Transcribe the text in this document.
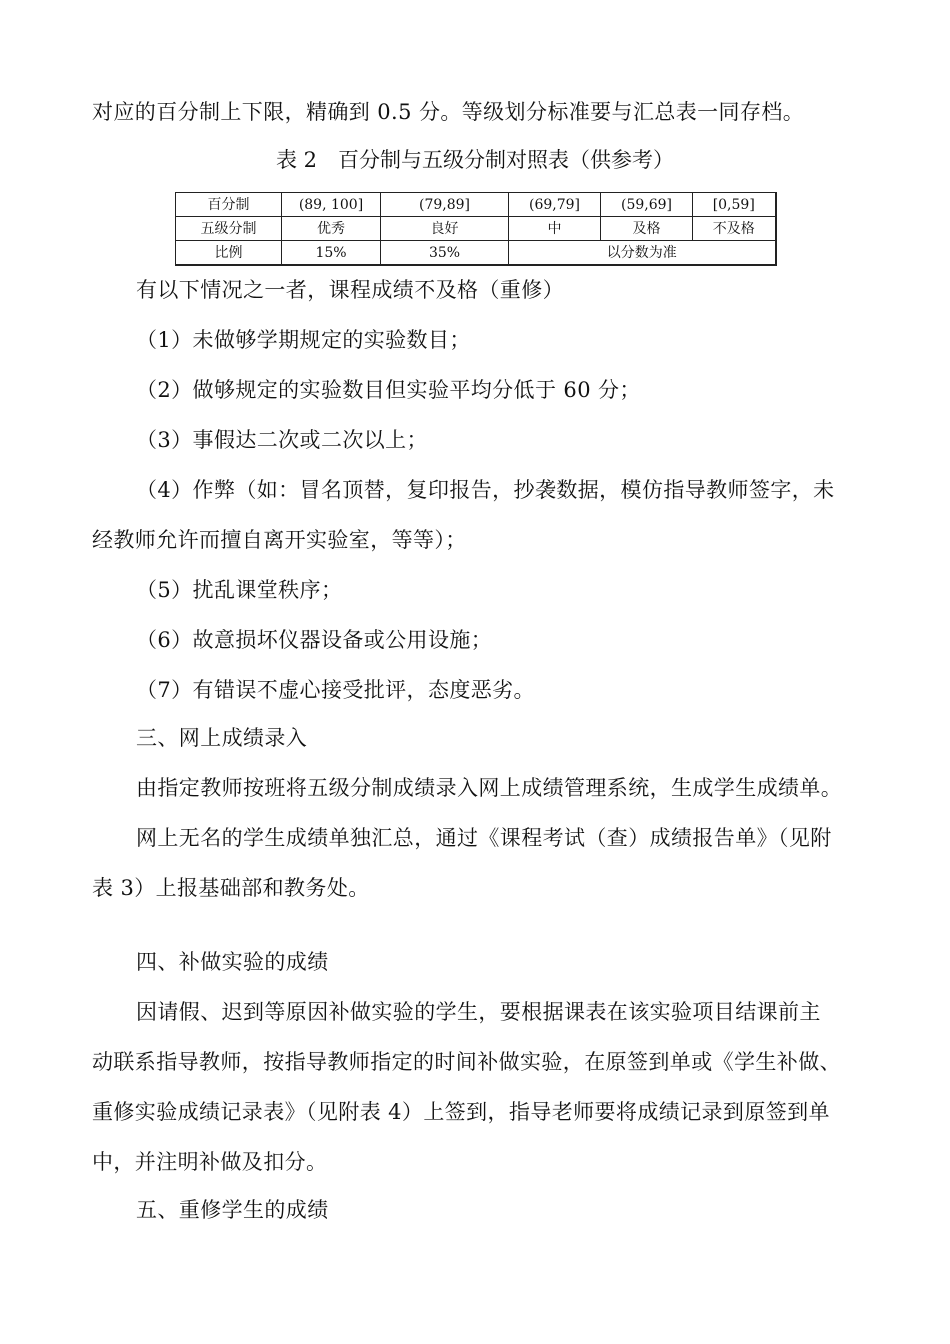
对应的百分制上下限，精确到 0.5 分。等级划分标准要与汇总表一同存档。
表 2　百分制与五级分制对照表（供参考）
百分制	(89, 100]	(79,89]	(69,79]	(59,69]	[0,59]
五级分制	优秀	良好	中	及格	不及格
比例	15%	35%	以分数为准		
有以下情况之一者，课程成绩不及格（重修）
（1）未做够学期规定的实验数目；
（2）做够规定的实验数目但实验平均分低于 60 分；
（3）事假达二次或二次以上；
（4）作弊（如：冒名顶替，复印报告，抄袭数据，模仿指导教师签字，未
经教师允许而擅自离开实验室，等等）；
（5）扰乱课堂秩序；
（6）故意损坏仪器设备或公用设施；
（7）有错误不虚心接受批评，态度恶劣。
三、网上成绩录入
由指定教师按班将五级分制成绩录入网上成绩管理系统，生成学生成绩单。
网上无名的学生成绩单独汇总，通过《课程考试（查）成绩报告单》（见附
表 3）上报基础部和教务处。
四、补做实验的成绩
因请假、迟到等原因补做实验的学生，要根据课表在该实验项目结课前主
动联系指导教师，按指导教师指定的时间补做实验，在原签到单或《学生补做、
重修实验成绩记录表》（见附表 4）上签到，指导老师要将成绩记录到原签到单
中，并注明补做及扣分。
五、重修学生的成绩
